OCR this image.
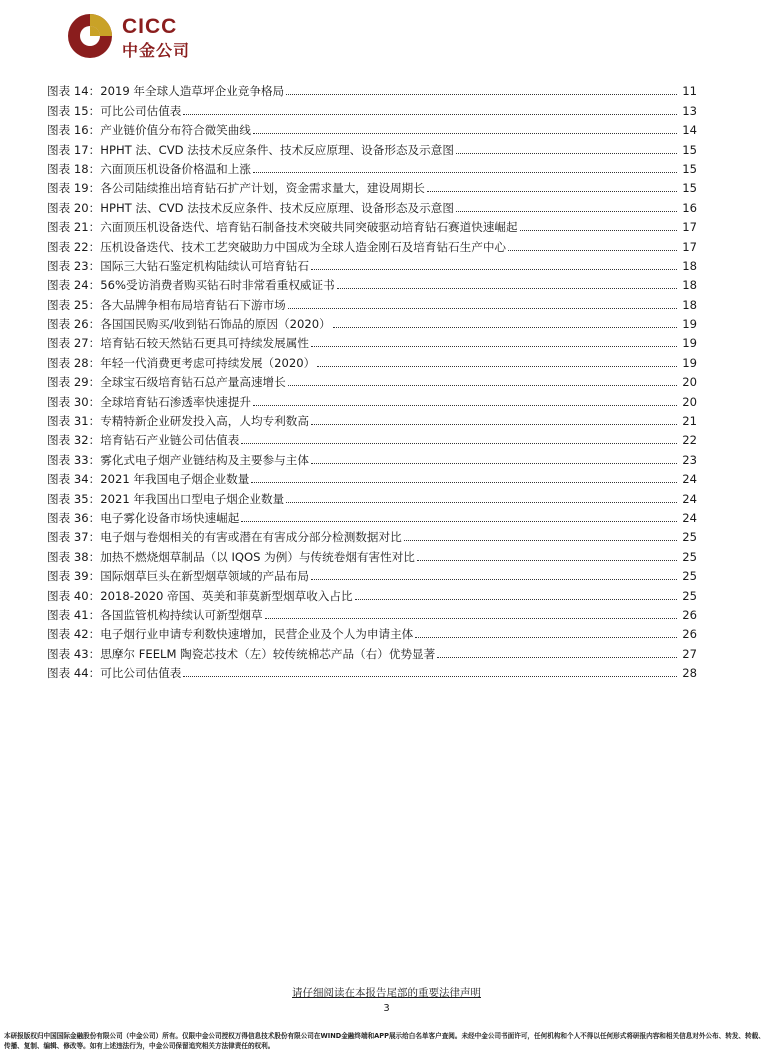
CICC
中金公司
图表 14： 2019 年全球人造草坪企业竞争格局	11
图表 15： 可比公司估值表	13
图表 16： 产业链价值分布符合微笑曲线	14
图表 17： HPHT 法、CVD 法技术反应条件、技术反应原理、设备形态及示意图	15
图表 18： 六面顶压机设备价格温和上涨	15
图表 19： 各公司陆续推出培育钻石扩产计划，资金需求量大，建设周期长	15
图表 20： HPHT 法、CVD 法技术反应条件、技术反应原理、设备形态及示意图	16
图表 21： 六面顶压机设备迭代、培育钻石制备技术突破共同突破驱动培育钻石赛道快速崛起	17
图表 22： 压机设备迭代、技术工艺突破助力中国成为全球人造金刚石及培育钻石生产中心	17
图表 23： 国际三大钻石鉴定机构陆续认可培育钻石	18
图表 24： 56%受访消费者购买钻石时非常看重权威证书	18
图表 25： 各大品牌争相布局培育钻石下游市场	18
图表 26： 各国国民购买/收到钻石饰品的原因（2020）	19
图表 27： 培育钻石较天然钻石更具可持续发展属性	19
图表 28： 年轻一代消费更考虑可持续发展（2020）	19
图表 29： 全球宝石级培育钻石总产量高速增长	20
图表 30： 全球培育钻石渗透率快速提升	20
图表 31： 专精特新企业研发投入高，人均专利数高	21
图表 32： 培育钻石产业链公司估值表	22
图表 33： 雾化式电子烟产业链结构及主要参与主体	23
图表 34： 2021 年我国电子烟企业数量	24
图表 35： 2021 年我国出口型电子烟企业数量	24
图表 36： 电子雾化设备市场快速崛起	24
图表 37： 电子烟与卷烟相关的有害或潜在有害成分部分检测数据对比	25
图表 38： 加热不燃烧烟草制品（以 IQOS 为例）与传统卷烟有害性对比	25
图表 39： 国际烟草巨头在新型烟草领域的产品布局	25
图表 40： 2018-2020 帝国、英美和菲莫新型烟草收入占比	25
图表 41： 各国监管机构持续认可新型烟草	26
图表 42： 电子烟行业申请专利数快速增加，民营企业及个人为申请主体	26
图表 43： 思摩尔 FEELM 陶瓷芯技术（左）较传统棉芯产品（右）优势显著	27
图表 44： 可比公司估值表	28
请仔细阅读在本报告尾部的重要法律声明
3
本研报版权归中国国际金融股份有限公司（中金公司）所有。仅限中金公司授权万得信息技术股份有限公司在WIND金融终端和APP展示给白名单客户查阅。未经中金公司书面许可，任何机构和个人不得以任何形式将研报内容和相关信息对外公布、转发、转载、传播、复制、编辑、修改等。如有上述违法行为，中金公司保留追究相关方法律责任的权利。
